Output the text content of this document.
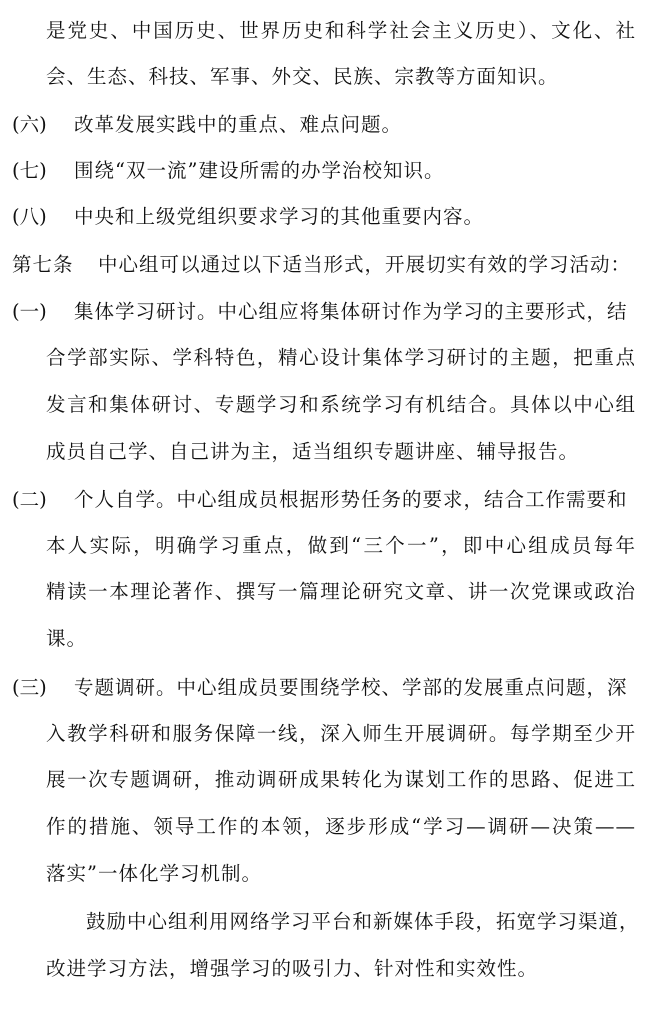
是党史、中国历史、世界历史和科学社会主义历史）、文化、社
会、生态、科技、军事、外交、民族、宗教等方面知识。
(六) 改革发展实践中的重点、难点问题。
(七) 围绕“双一流”建设所需的办学治校知识。
(八) 中央和上级党组织要求学习的其他重要内容。
第七条 中心组可以通过以下适当形式，开展切实有效的学习活动：
(一) 集体学习研讨。中心组应将集体研讨作为学习的主要形式，结
合学部实际、学科特色，精心设计集体学习研讨的主题，把重点
发言和集体研讨、专题学习和系统学习有机结合。具体以中心组
成员自己学、自己讲为主，适当组织专题讲座、辅导报告。
(二) 个人自学。中心组成员根据形势任务的要求，结合工作需要和
本人实际，明确学习重点，做到“三个一”，即中心组成员每年
精读一本理论著作、撰写一篇理论研究文章、讲一次党课或政治
课。
(三) 专题调研。中心组成员要围绕学校、学部的发展重点问题，深
入教学科研和服务保障一线，深入师生开展调研。每学期至少开
展一次专题调研，推动调研成果转化为谋划工作的思路、促进工
作的措施、领导工作的本领，逐步形成“学习—调研—决策——
落实”一体化学习机制。
鼓励中心组利用网络学习平台和新媒体手段，拓宽学习渠道，
改进学习方法，增强学习的吸引力、针对性和实效性。
